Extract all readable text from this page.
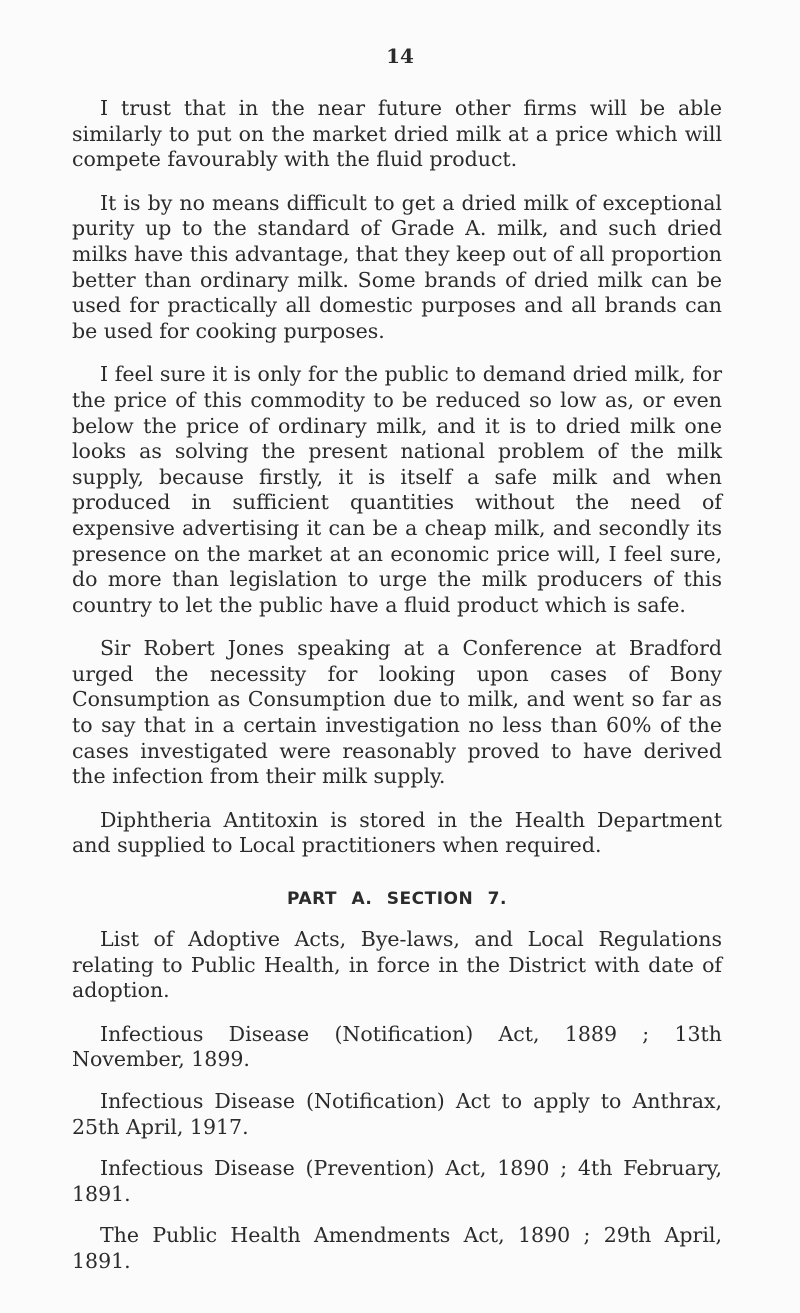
14

I trust that in the near future other firms will be able similarly to put on the market dried milk at a price which will compete favourably with the fluid product.

It is by no means difficult to get a dried milk of exceptional purity up to the standard of Grade A. milk, and such dried milks have this advantage, that they keep out of all proportion better than ordinary milk. Some brands of dried milk can be used for practically all domestic purposes and all brands can be used for cooking purposes.

I feel sure it is only for the public to demand dried milk, for the price of this commodity to be reduced so low as, or even below the price of ordinary milk, and it is to dried milk one looks as solving the present national problem of the milk supply, because firstly, it is itself a safe milk and when produced in sufficient quantities without the need of expensive advertising it can be a cheap milk, and secondly its presence on the market at an economic price will, I feel sure, do more than legislation to urge the milk producers of this country to let the public have a fluid product which is safe.

Sir Robert Jones speaking at a Conference at Bradford urged the necessity for looking upon cases of Bony Consumption as Consumption due to milk, and went so far as to say that in a certain investigation no less than 60% of the cases investigated were reasonably proved to have derived the infection from their milk supply.

Diphtheria Antitoxin is stored in the Health Department and supplied to Local practitioners when required.

PART A. SECTION 7.

List of Adoptive Acts, Bye-laws, and Local Regulations relating to Public Health, in force in the District with date of adoption.

Infectious Disease (Notification) Act, 1889 ; 13th November, 1899.

Infectious Disease (Notification) Act to apply to Anthrax, 25th April, 1917.

Infectious Disease (Prevention) Act, 1890 ; 4th February, 1891.

The Public Health Amendments Act, 1890 ; 29th April, 1891.
